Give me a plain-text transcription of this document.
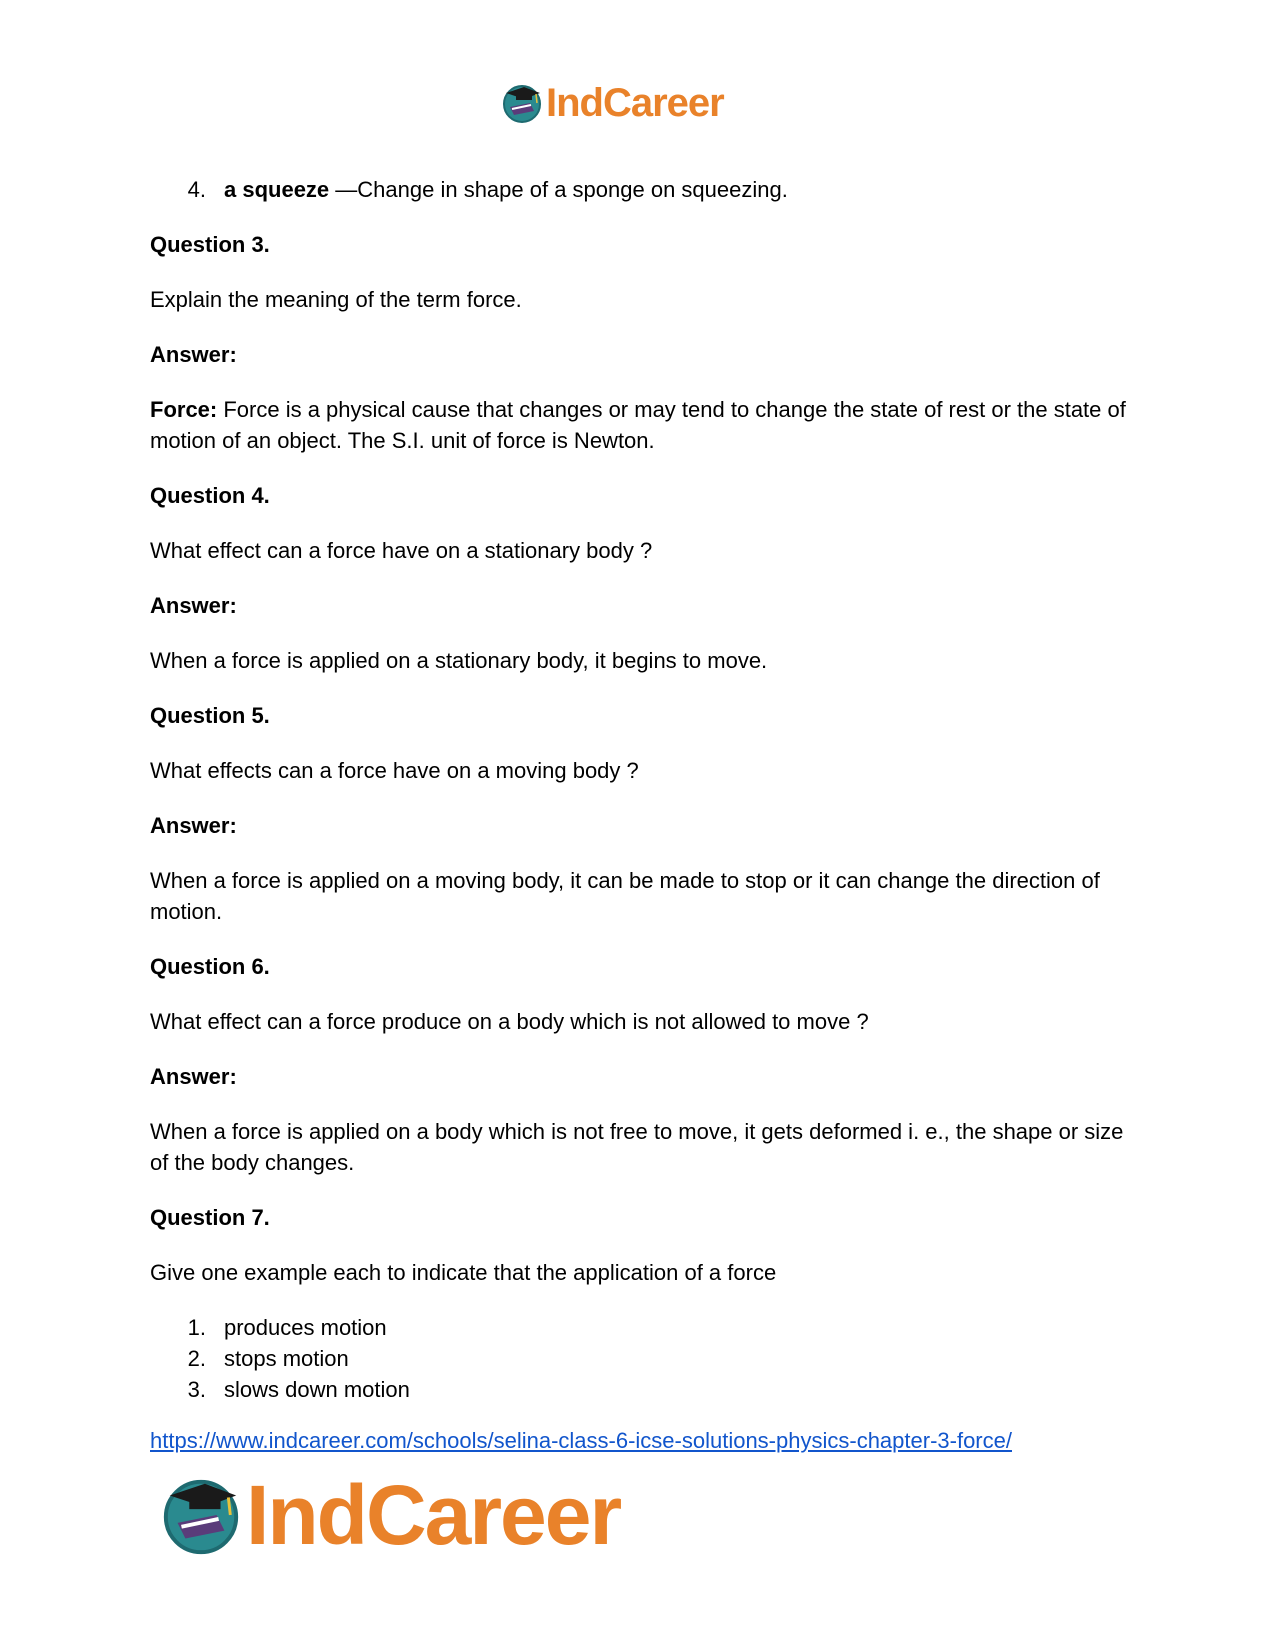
IndCareer
4. a squeeze —Change in shape of a sponge on squeezing.

Question 3.

Explain the meaning of the term force.

Answer:

Force: Force is a physical cause that changes or may tend to change the state of rest or the state of motion of an object. The S.I. unit of force is Newton.

Question 4.

What effect can a force have on a stationary body ?

Answer:

When a force is applied on a stationary body, it begins to move.

Question 5.

What effects can a force have on a moving body ?

Answer:

When a force is applied on a moving body, it can be made to stop or it can change the direction of motion.

Question 6.

What effect can a force produce on a body which is not allowed to move ?

Answer:

When a force is applied on a body which is not free to move, it gets deformed i. e., the shape or size of the body changes.

Question 7.

Give one example each to indicate that the application of a force

1. produces motion
2. stops motion
3. slows down motion

https://www.indcareer.com/schools/selina-class-6-icse-solutions-physics-chapter-3-force/

IndCareer
